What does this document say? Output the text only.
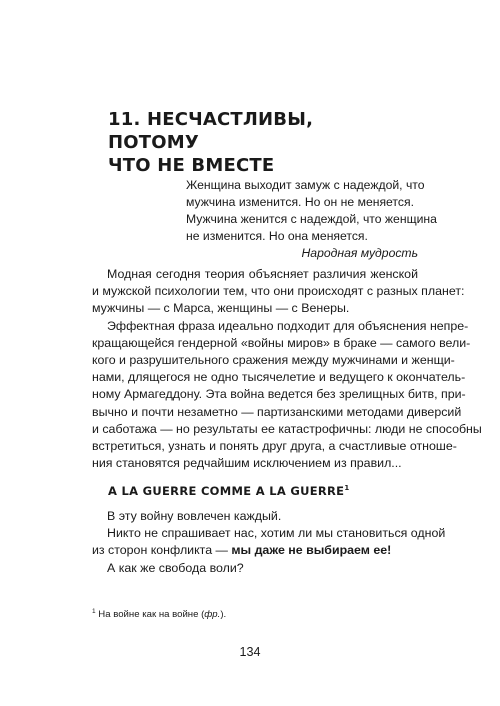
11. НЕСЧАСТЛИВЫ, ПОТОМУ
ЧТО НЕ ВМЕСТЕ
Женщина выходит замуж с надеждой, что
мужчина изменится. Но он не меняется.
Мужчина женится с надеждой, что женщина
не изменится. Но она меняется.
Народная мудрость

Модная сегодня теория объясняет различия женской
и мужской психологии тем, что они происходят с разных планет:
мужчины — с Марса, женщины — с Венеры.

Эффектная фраза идеально подходит для объяснения непре-
кращающейся гендерной «войны миров» в браке — самого вели-
кого и разрушительного сражения между мужчинами и женщи-
нами, длящегося не одно тысячелетие и ведущего к окончатель-
ному Армагеддону. Эта война ведется без зрелищных битв, при-
вычно и почти незаметно — партизанскими методами диверсий
и саботажа — но результаты ее катастрофичны: люди не способны
встретиться, узнать и понять друг друга, а счастливые отноше-
ния становятся редчайшим исключением из правил...

A LA GUERRE COMME A LA GUERRE$^1$

В эту войну вовлечен каждый.

Никто не спрашивает нас, хотим ли мы становиться одной
из сторон конфликта — мы даже не выбираем ее!

А как же свобода воли?

$^1$ На войне как на войне (фр.).
134
